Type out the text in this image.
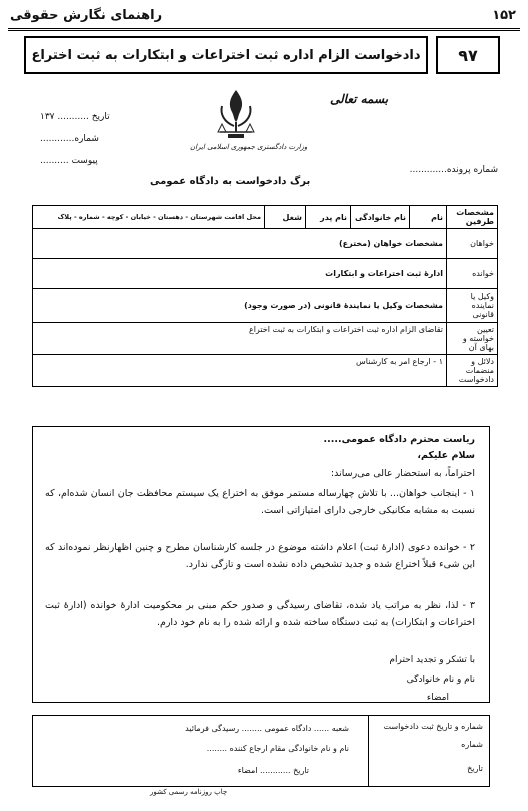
راهنمای نگارش حقوقی	۱۵۲
دادخواست الزام اداره ثبت اختراعات و ابتکارات به ثبت اختراع	۹۷
بسمه تعالی
وزارت دادگستری جمهوری اسلامی ایران
تاریخ ........... ۱۳۷
شماره............
پیوست ..........
شماره پرونده.............
برگ دادخواست به دادگاه عمومی
مشخصات طرفین	نام	نام خانوادگی	نام پدر	شغل	محل اقامت شهرستان - دهستان - خیابان - کوچه - شماره - پلاک
خواهان	مشخصات خواهان (مخترع)				
خوانده	ادارهٔ ثبت اختراعات و ابتکارات				
وکیل یا نماینده قانونی	مشخصات وکیل یا نمایندهٔ قانونی (در صورت وجود)				
تعیین خواسته و بهای آن	تقاضای الزام اداره ثبت اختراعات و ابتکارات به ثبت اختراع				
دلائل و منضمات دادخواست	۱ - ارجاع امر به کارشناس				
ریاست محترم دادگاه عمومی.....
سلام علیکم،
احتراماً، به استحضار عالی می‌رساند:
۱ - اینجانب خواهان... با تلاش چهارساله مستمر موفق به اختراع یک سیستم محافظت جان انسان شده‌ام، که نسبت به مشابه مکانیکی خارجی دارای امتیازاتی است.
۲ - خوانده دعوی (ادارهٔ ثبت) اعلام داشته موضوع در جلسه کارشناسان مطرح و چنین اظهارنظر نموده‌اند که این شیء قبلاً اختراع شده و جدید تشخیص داده نشده است و تازگی ندارد.
۳ - لذا، نظر به مراتب یاد شده، تقاضای رسیدگی و صدور حکم مبنی بر محکومیت ادارهٔ خوانده (ادارهٔ ثبت اختراعات و ابتکارات) به ثبت دستگاه ساخته شده و ارائه شده را به نام خود دارم.
با تشکر و تجدید احترام
نام و نام خانوادگی
امضاء
شماره و تاریخ ثبت دادخواست
شماره
تاریخ
شعبه ...... دادگاه عمومی ........ رسیدگی فرمائید
نام و نام خانوادگی مقام ارجاع کننده ........
تاریخ ............ امضاء
چاپ روزنامه رسمی کشور
